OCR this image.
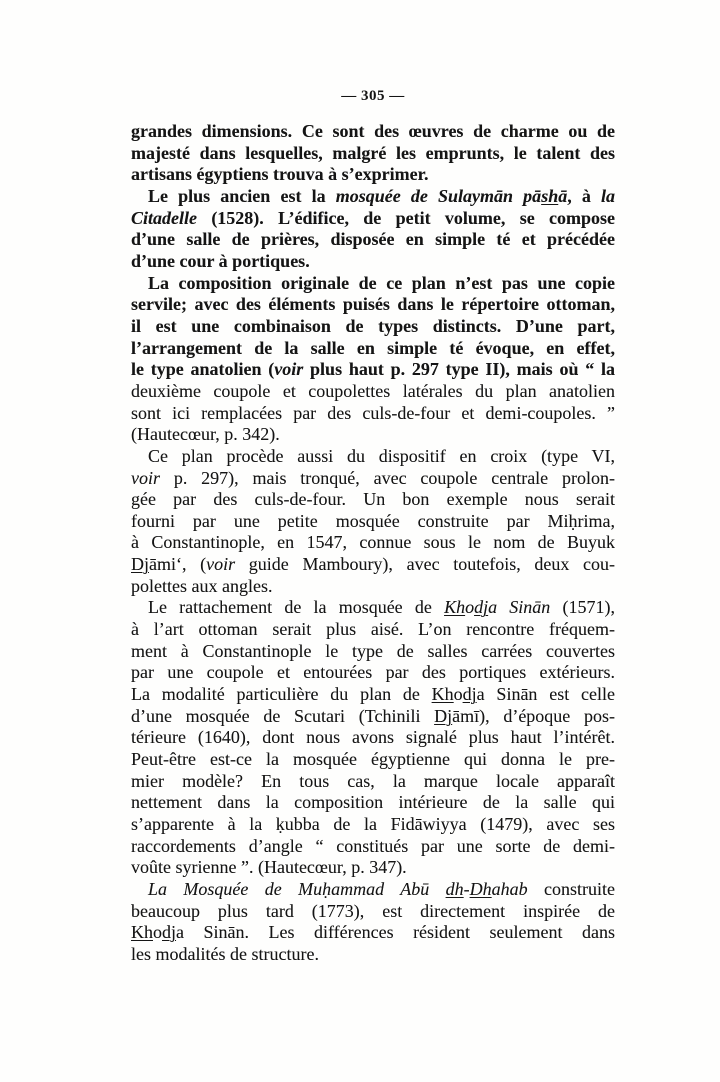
— 305 —
grandes dimensions. Ce sont des œuvres de charme ou de
majesté dans lesquelles, malgré les emprunts, le talent des
artisans égyptiens trouva à s’exprimer.
Le plus ancien est la mosquée de Sulaymān pāshā, à la
Citadelle (1528). L’édifice, de petit volume, se compose
d’une salle de prières, disposée en simple té et précédée
d’une cour à portiques.
La composition originale de ce plan n’est pas une copie
servile; avec des éléments puisés dans le répertoire ottoman,
il est une combinaison de types distincts. D’une part,
l’arrangement de la salle en simple té évoque, en effet,
le type anatolien (voir plus haut p. 297 type II), mais où “ la
deuxième coupole et coupolettes latérales du plan anatolien
sont ici remplacées par des culs-de-four et demi-coupoles. ”
(Hautecœur, p. 342).
Ce plan procède aussi du dispositif en croix (type VI,
voir p. 297), mais tronqué, avec coupole centrale prolon-
gée par des culs-de-four. Un bon exemple nous serait
fourni par une petite mosquée construite par Miḥrima,
à Constantinople, en 1547, connue sous le nom de Buyuk
Djāmi‘, (voir guide Mamboury), avec toutefois, deux cou-
polettes aux angles.
Le rattachement de la mosquée de Khodja Sinān (1571),
à l’art ottoman serait plus aisé. L’on rencontre fréquem-
ment à Constantinople le type de salles carrées couvertes
par une coupole et entourées par des portiques extérieurs.
La modalité particulière du plan de Khodja Sinān est celle
d’une mosquée de Scutari (Tchinili Djāmī), d’époque pos-
térieure (1640), dont nous avons signalé plus haut l’intérêt.
Peut-être est-ce la mosquée égyptienne qui donna le pre-
mier modèle? En tous cas, la marque locale apparaît
nettement dans la composition intérieure de la salle qui
s’apparente à la ḳubba de la Fidāwiyya (1479), avec ses
raccordements d’angle “ constitués par une sorte de demi-
voûte syrienne ”. (Hautecœur, p. 347).
La Mosquée de Muḥammad Abū dh-Dhahab construite
beaucoup plus tard (1773), est directement inspirée de
Khodja Sinān. Les différences résident seulement dans
les modalités de structure.
